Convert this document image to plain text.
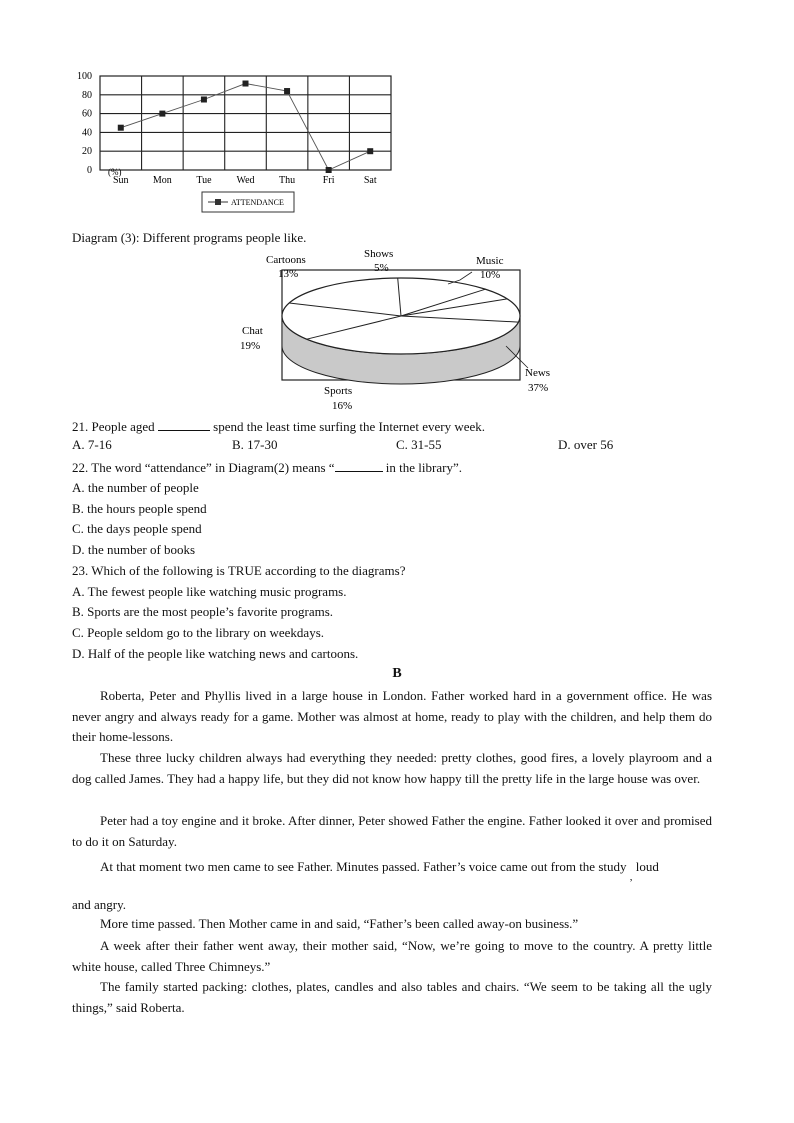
0
20
40
60
80
100
Sun Mon Tue Wed Thu	Fri	Sat
(%)
ATTENDANCE
Diagram (3): Different programs people like.
Cartoons
13%
Shows
5%
Music
10%
Chat
19%
Sports
16%
News
37%
21. People aged	spend the least time surfing the Internet every week.
A. 7-16	B. 17-30	C. 31-55	D. over 56
22. The word “attendance” in Diagram(2) means “	in the library”.
A. the number of people
B. the hours people spend
C. the days people spend
D. the number of books
23. Which of the following is TRUE according to the diagrams?
A. The fewest people like watching music programs.
B. Sports are the most people’s favorite programs.
C. People seldom go to the library on weekdays.
D. Half of the people like watching news and cartoons.
B
Roberta, Peter and Phyllis lived in a large house in London. Father worked hard in a government office. He was never angry and always ready for a game. Mother was almost at home, ready to play with the children, and help them do their home-lessons.
These three lucky children always had everything they needed: pretty clothes, good fires, a lovely playroom and a dog called James. They had a happy life, but they did not know how happy till the pretty life in the large house was over.
Peter had a toy engine and it broke. After dinner, Peter showed Father the engine. Father looked it over and promised to do it on Saturday.
At that moment two men came to see Father. Minutes passed. Father’s voice came out from the study $_,$ loud
and angry.
More time passed. Then Mother came in and said, “Father’s been called away-on business.”
A week after their father went away, their mother said, “Now, we’re going to move to the country. A pretty little white house, called Three Chimneys.”
The family started packing: clothes, plates, candles and also tables and chairs. “We seem to be taking all the ugly things,” said Roberta.
